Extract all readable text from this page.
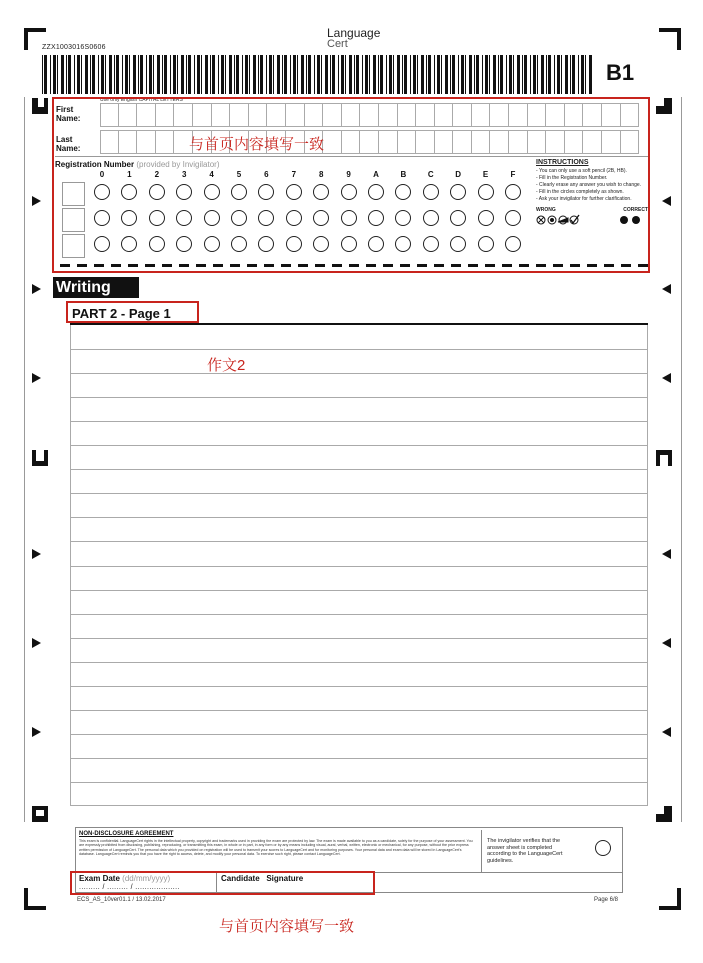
Language
Cert
ZZX1003016S0606
B1
Use only English CAPITAL LETTERS
First
Name:
Last
Name:
Registration Number (provided by Invigilator)
0	1	2	3	4	5	6	7	8	9	A	B	C	D	E	F
INSTRUCTIONS
- You can only use a soft pencil (2B, HB).
- Fill in the Registration Number.
- Clearly erase any answer you wish to change.
- Fill in the circles completely as shown.
- Ask your invigilator for further clarification.
WRONG	CORRECT
与首页内容填写一致
Writing
PART 2 - Page 1
作文2
NON-DISCLOSURE AGREEMENT
This exam is confidential. LanguageCert rights in the intellectual property, copyright and trademarks used in providing the exam are protected by law. The exam is made available to you as a candidate, solely for the purpose of your assessment. You are expressly prohibited from disclosing, publishing, reproducing, or transmitting this exam, in whole or in part, in any form or by any means including visual, aural, verbal, written, electronic or mechanical, for any purpose, without the prior express written permission of LanguageCert. The personal data which you provided on registration will be used to transmit your scores to LanguageCert and for monitoring purposes. Your personal data and exam data will be stored in LanguageCert's database. LanguageCert reminds you that you have the right to access, delete, and modify your personal data. To exercise such right, please contact LanguageCert.
The invigilator verifies that the answer sheet is completed according to the LanguageCert guidelines.
Exam Date (dd/mm/yyyy)
......... / ......... / ...................
Candidate   Signature
ECS_AS_10ver01.1 / 13.02.2017	Page 6/8
与首页内容填写一致
